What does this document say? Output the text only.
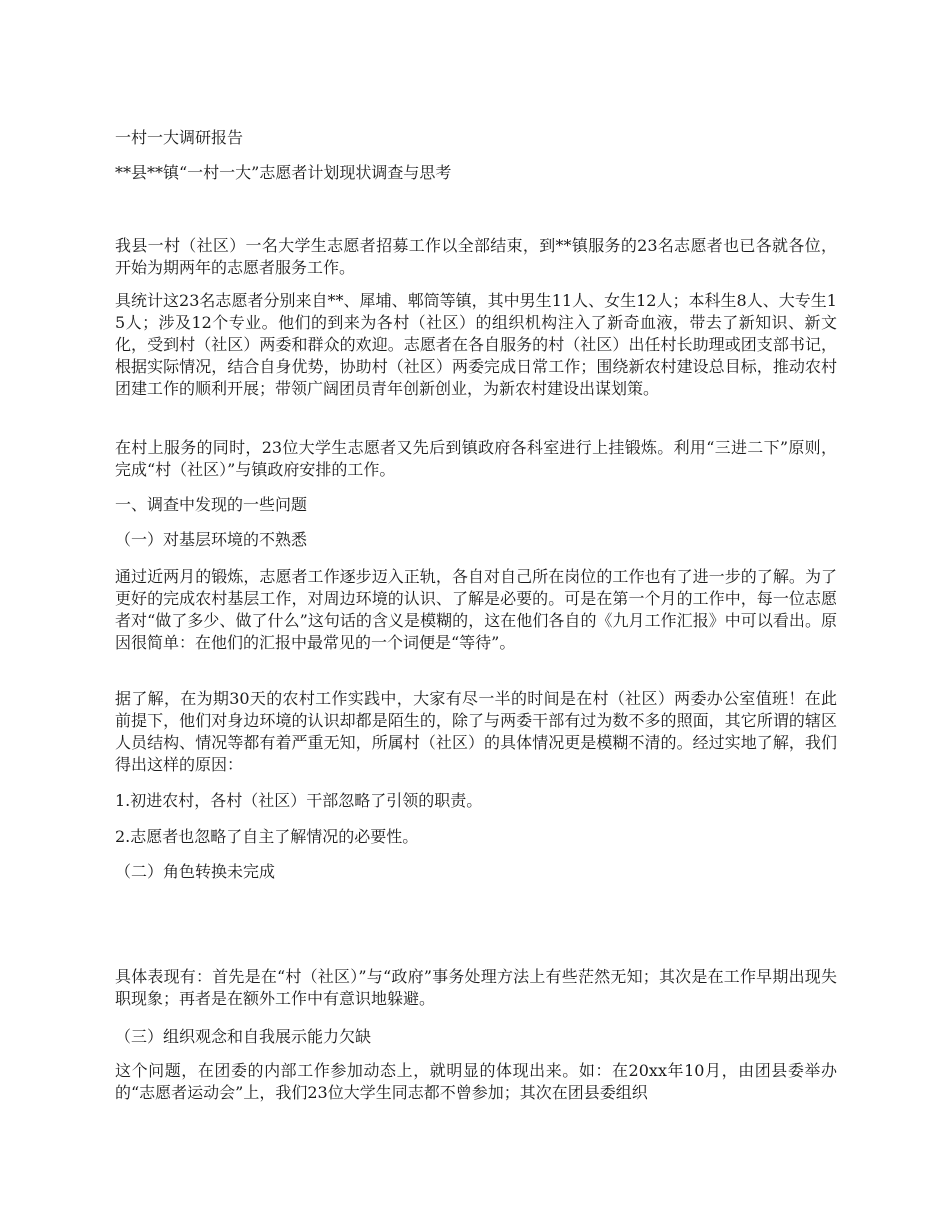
一村一大调研报告

**县**镇“一村一大”志愿者计划现状调查与思考

我县一村（社区）一名大学生志愿者招募工作以全部结束，到**镇服务的23名志愿者也已各就各位，开始为期两年的志愿者服务工作。

具统计这23名志愿者分别来自**、犀埔、郫筒等镇，其中男生11人、女生12人；本科生8人、大专生15人；涉及12个专业。他们的到来为各村（社区）的组织机构注入了新奇血液，带去了新知识、新文化，受到村（社区）两委和群众的欢迎。志愿者在各自服务的村（社区）出任村长助理或团支部书记，根据实际情况，结合自身优势，协助村（社区）两委完成日常工作；围绕新农村建设总目标，推动农村团建工作的顺利开展；带领广阔团员青年创新创业，为新农村建设出谋划策。

在村上服务的同时，23位大学生志愿者又先后到镇政府各科室进行上挂锻炼。利用“三进二下”原则，完成“村（社区）”与镇政府安排的工作。

一、调查中发现的一些问题

（一）对基层环境的不熟悉

通过近两月的锻炼，志愿者工作逐步迈入正轨，各自对自己所在岗位的工作也有了进一步的了解。为了更好的完成农村基层工作，对周边环境的认识、了解是必要的。可是在第一个月的工作中，每一位志愿者对“做了多少、做了什么”这句话的含义是模糊的，这在他们各自的《九月工作汇报》中可以看出。原因很简单：在他们的汇报中最常见的一个词便是“等待”。

据了解，在为期30天的农村工作实践中，大家有尽一半的时间是在村（社区）两委办公室值班！在此前提下，他们对身边环境的认识却都是陌生的，除了与两委干部有过为数不多的照面，其它所谓的辖区人员结构、情况等都有着严重无知，所属村（社区）的具体情况更是模糊不清的。经过实地了解，我们得出这样的原因：

1.初进农村，各村（社区）干部忽略了引领的职责。

2.志愿者也忽略了自主了解情况的必要性。

（二）角色转换未完成

具体表现有：首先是在“村（社区）”与“政府”事务处理方法上有些茫然无知；其次是在工作早期出现失职现象；再者是在额外工作中有意识地躲避。

（三）组织观念和自我展示能力欠缺

这个问题，在团委的内部工作参加动态上，就明显的体现出来。如：在20xx年10月，由团县委举办的“志愿者运动会”上，我们23位大学生同志都不曾参加；其次在团县委组织
